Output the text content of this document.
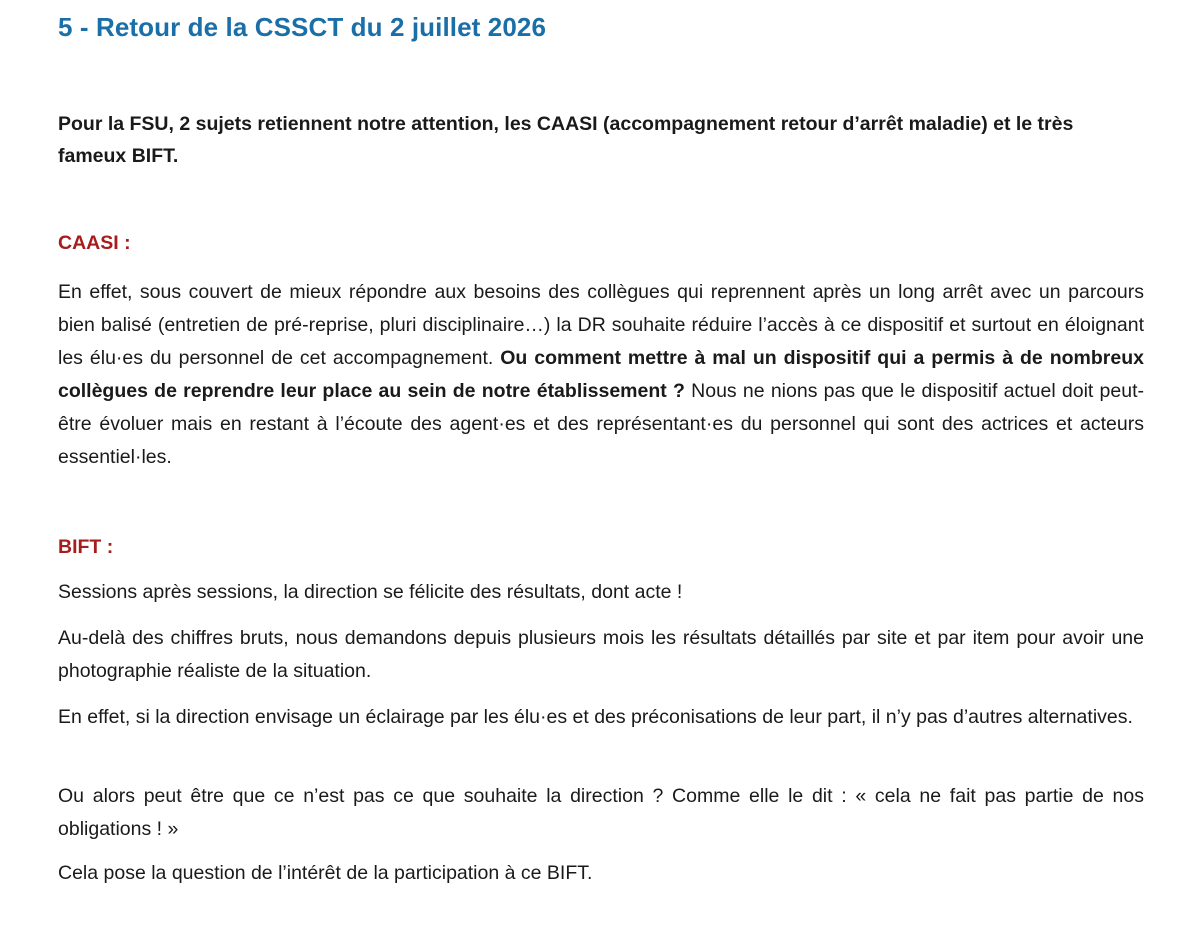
5 - Retour de la CSSCT du 2 juillet 2026

Pour la FSU, 2 sujets retiennent notre attention, les CAASI (accompagnement retour d’arrêt maladie) et le très fameux BIFT.

CAASI :

En effet, sous couvert de mieux répondre aux besoins des collègues qui reprennent après un long arrêt avec un parcours bien balisé (entretien de pré-reprise, pluri disciplinaire…) la DR souhaite réduire l’accès à ce dispositif et surtout en éloignant les élu·es du personnel de cet accompagnement. Ou comment mettre à mal un dispositif qui a permis à de nombreux collègues de reprendre leur place au sein de notre établissement ? Nous ne nions pas que le dispositif actuel doit peut-être évoluer mais en restant à l’écoute des agent·es et des représentant·es du personnel qui sont des actrices et acteurs essentiel·les.

BIFT :

Sessions après sessions, la direction se félicite des résultats, dont acte !

Au-delà des chiffres bruts, nous demandons depuis plusieurs mois les résultats détaillés par site et par item pour avoir une photographie réaliste de la situation.

En effet, si la direction envisage un éclairage par les élu·es et des préconisations de leur part, il n’y pas d’autres alternatives.

Ou alors peut être que ce n’est pas ce que souhaite la direction ? Comme elle le dit : « cela ne fait pas partie de nos obligations ! »

Cela pose la question de l’intérêt de la participation à ce BIFT.
